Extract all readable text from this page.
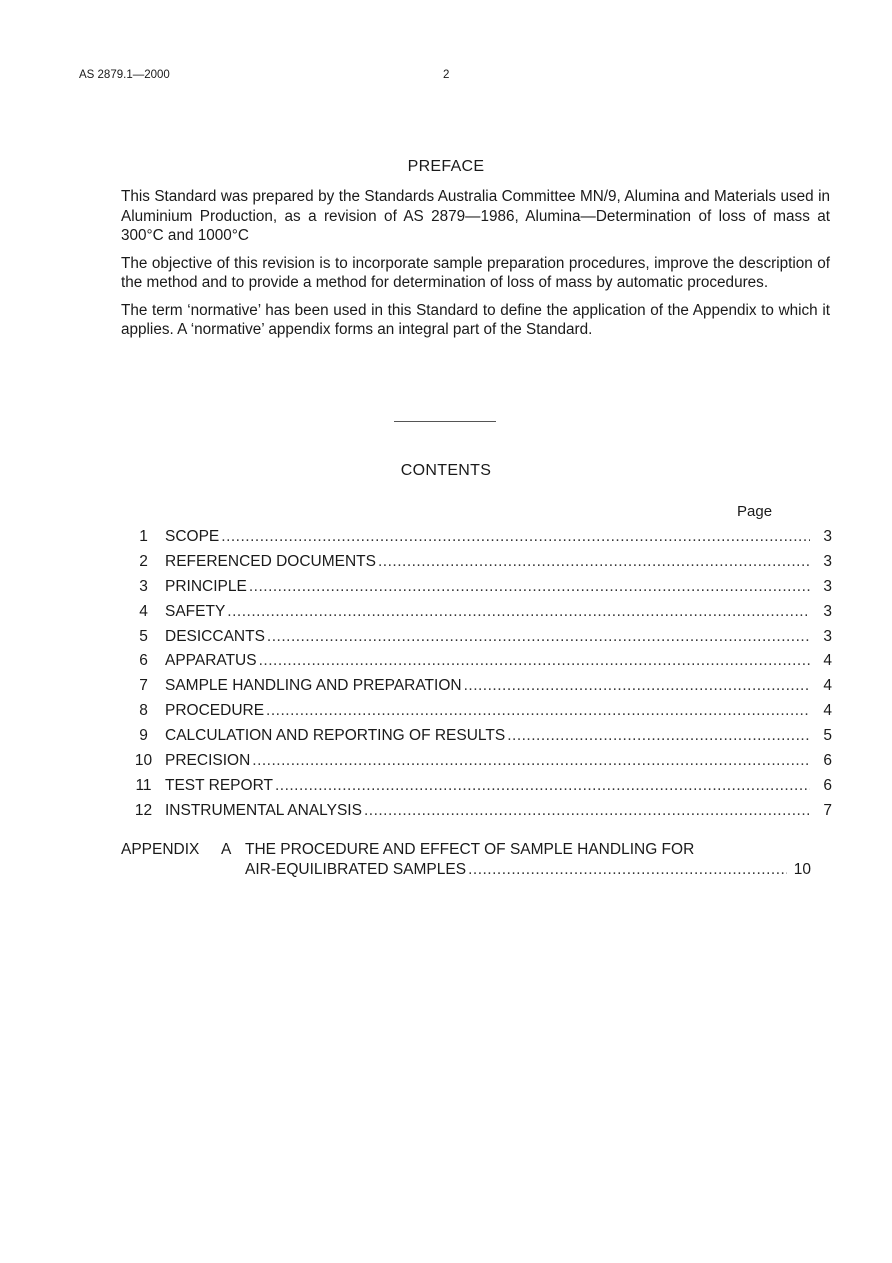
AS 2879.1—2000	2
PREFACE

This Standard was prepared by the Standards Australia Committee MN/9, Alumina and Materials used in Aluminium Production, as a revision of AS 2879—1986, Alumina—Determination of loss of mass at 300°C and 1000°C

The objective of this revision is to incorporate sample preparation procedures, improve the description of the method and to provide a method for determination of loss of mass by automatic procedures.

The term ‘normative’ has been used in this Standard to define the application of the Appendix to which it applies. A ‘normative’ appendix forms an integral part of the Standard.

CONTENTS
Page
1	SCOPE .....	3
2	REFERENCED DOCUMENTS .....	3
3	PRINCIPLE .....	3
4	SAFETY .....	3
5	DESICCANTS .....	3
6	APPARATUS .....	4
7	SAMPLE HANDLING AND PREPARATION .....	4
8	PROCEDURE .....	4
9	CALCULATION AND REPORTING OF RESULTS .....	5
10 PRECISION .....	6
11 TEST REPORT .....	6
12 INSTRUMENTAL ANALYSIS .....	7
APPENDIX A THE PROCEDURE AND EFFECT OF SAMPLE HANDLING FOR
AIR-EQUILIBRATED SAMPLES .....	10
